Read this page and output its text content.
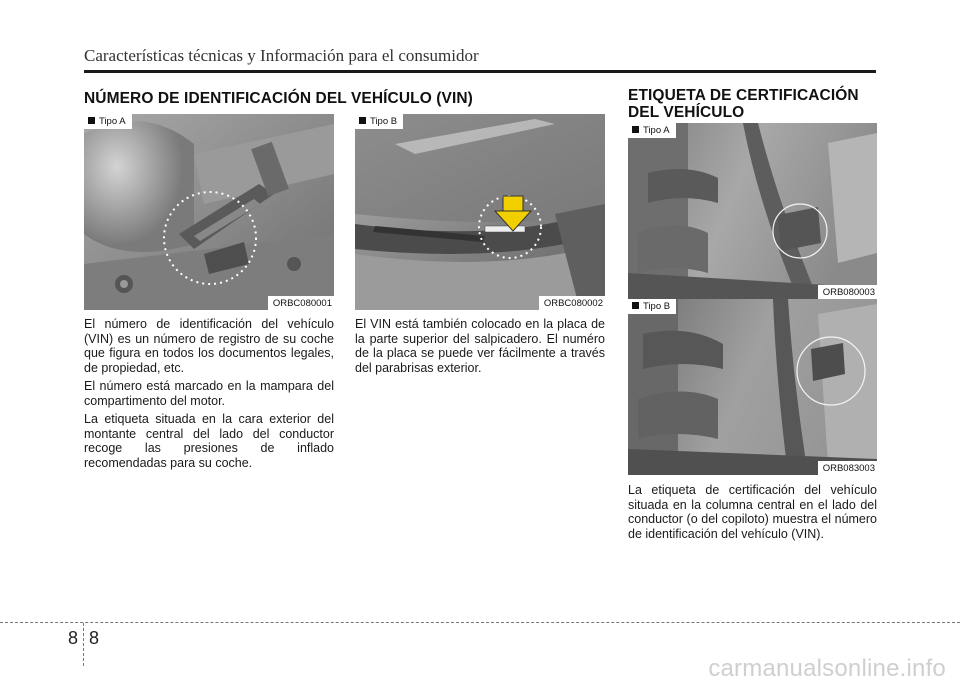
Características técnicas y Información para el consumidor
NÚMERO DE IDENTIFICACIÓN DEL VEHÍCULO (VIN)	ETIQUETA DE CERTIFICACIÓN
DEL VEHÍCULO
Tipo A
ORBC080001
Tipo B
ORBC080002
Tipo A
ORB080003
Tipo B
ORB083003

El número de identificación del vehículo (VIN) es un número de registro de su coche que figura en todos los documentos legales, de propiedad, etc.

El número está marcado en la mampara del compartimento del motor.

La etiqueta situada en la cara exterior del montante central del lado del conductor recoge las presiones de inflado recomendadas para su coche.

El VIN está también colocado en la placa de la parte superior del salpicadero. El numéro de la placa se puede ver fácilmente a través del parabrisas exterior.

La etiqueta de certificación del vehículo situada en la columna central en el lado del conductor (o del copiloto) muestra el número de identificación del vehículo (VIN).

8 8
carmanualsonline.info
